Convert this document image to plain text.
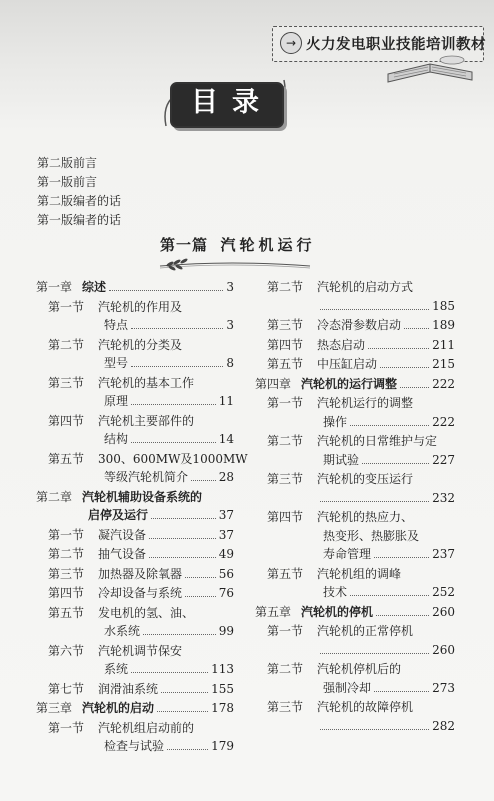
→ 火力发电职业技能培训教材
目录
第二版前言
第一版前言
第二版编者的话
第一版编者的话
第一篇 汽轮机运行
第一章 综述	3
第一节 汽轮机的作用及
特点	3
第二节 汽轮机的分类及
型号	8
第三节 汽轮机的基本工作
原理	11
第四节 汽轮机主要部件的
结构	14
第五节 300、600MW及1000MW
等级汽轮机简介	28
第二章 汽轮机辅助设备系统的
启停及运行	37
第一节 凝汽设备	37
第二节 抽气设备	49
第三节 加热器及除氧器	56
第四节 冷却设备与系统	76
第五节 发电机的氢、油、
水系统	99
第六节 汽轮机调节保安
系统	113
第七节 润滑油系统	155
第三章 汽轮机的启动	178
第一节 汽轮机组启动前的
检查与试验	179
第二节 汽轮机的启动方式
185
第三节 冷态滑参数启动	189
第四节 热态启动	211
第五节 中压缸启动	215
第四章 汽轮机的运行调整	222
第一节 汽轮机运行的调整
操作	222
第二节 汽轮机的日常维护与定
期试验	227
第三节 汽轮机的变压运行
232
第四节 汽轮机的热应力、
热变形、热膨胀及
寿命管理	237
第五节 汽轮机组的调峰
技术	252
第五章 汽轮机的停机	260
第一节 汽轮机的正常停机
260
第二节 汽轮机停机后的
强制冷却	273
第三节 汽轮机的故障停机
282
